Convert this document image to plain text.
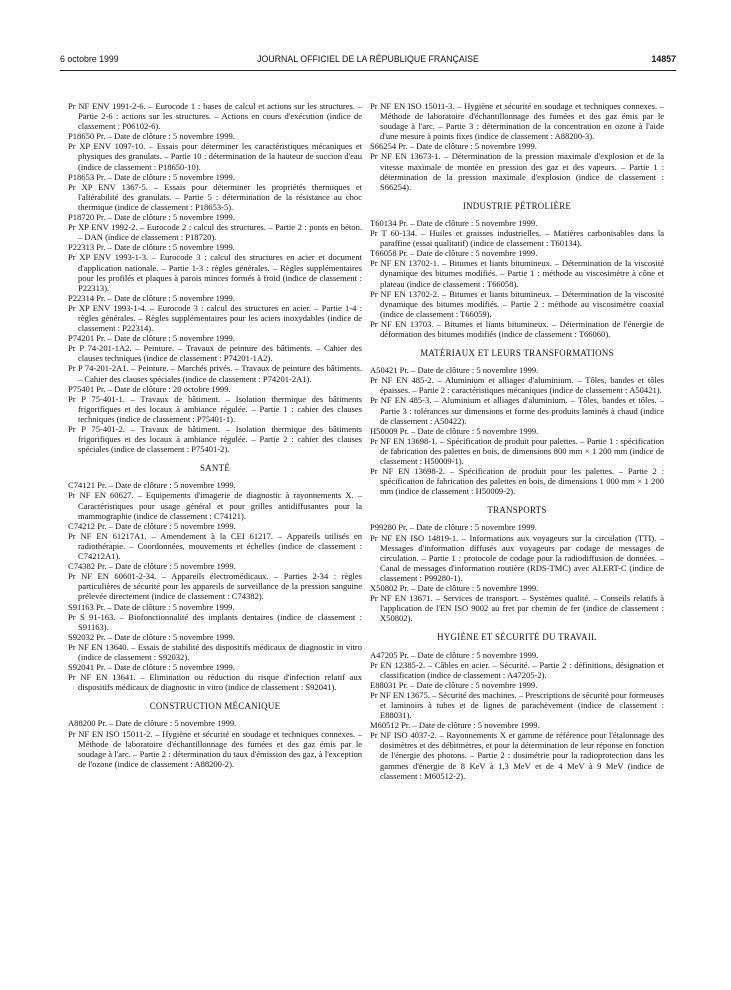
6 octobre 1999	JOURNAL OFFICIEL DE LA RÉPUBLIQUE FRANÇAISE	14857
Pr NF ENV 1991-2-6. – Eurocode 1 : bases de calcul et actions sur les structures. – Partie 2-6 : actions sur les structures. – Actions en cours d'exécution (indice de classement : P06102-6).
P18650 Pr. – Date de clôture : 5 novembre 1999.
Pr XP ENV 1097-10. – Essais pour déterminer les caractéristiques mécaniques et physiques des granulats. – Partie 10 : détermination de la hauteur de succion d'eau (indice de classement : P18650-10).
P18653 Pr. – Date de clôture : 5 novembre 1999.
Pr XP ENV 1367-5. – Essais pour déterminer les propriétés thermiques et l'altérabilité des granulats. – Partie 5 : détermination de la résistance au choc thermique (indice de classement : P18653-5).
P18720 Pr. – Date de clôture : 5 novembre 1999.
Pr XP ENV 1992-2. – Eurocode 2 : calcul des structures. – Partie 2 : ponts en béton. – DAN (indice de classement : P18720).
P22313 Pr. – Date de clôture : 5 novembre 1999.
Pr XP ENV 1993-1-3. – Eurocode 3 : calcul des structures en acier et document d'application nationale. – Partie 1-3 : règles générales. – Règles supplémentaires pour les profilés et plaques à parois minces formés à froid (indice de classement : P22313).
P22314 Pr. – Date de clôture : 5 novembre 1999.
Pr XP ENV 1993-1-4. – Eurocode 3 : calcul des structures en acier. – Partie 1-4 : règles générales. – Règles supplémentaires pour les aciers inoxydables (indice de classement : P22314).
P74201 Pr. – Date de clôture : 5 novembre 1999.
Pr P 74-201-1A2. – Peinture. – Travaux de peinture des bâtiments. – Cahier des clauses techniques (indice de classement : P74201-1A2).
Pr P 74-201-2A1. – Peinture. – Marchés privés. – Travaux de peinture des bâtiments. – Cahier des clauses spéciales (indice de classement : P74201-2A1).
P75401 Pr. – Date de clôture : 20 octobre 1999.
Pr P 75-401-1. – Travaux de bâtiment. – Isolation thermique des bâtiments frigorifiques et des locaux à ambiance régulée. – Partie 1 : cahier des clauses techniques (indice de classement : P75401-1).
Pr P 75-401-2. – Travaux de bâtiment. – Isolation thermique des bâtiments frigorifiques et des locaux à ambiance régulée. – Partie 2 : cahier des clauses spéciales (indice de classement : P75401-2).
SANTÉ
C74121 Pr. – Date de clôture : 5 novembre 1999.
Pr NF EN 60627. – Equipements d'imagerie de diagnostic à rayonnements X. – Caractéristiques pour usage général et pour grilles antidiffusantes pour la mammographie (indice de classement : C74121).
C74212 Pr. – Date de clôture : 5 novembre 1999.
Pr NF EN 61217A1. – Amendement à la CEI 61217. – Appareils utilisés en radiothérapie. – Coordonnées, mouvements et échelles (indice de classement : C74212A1).
C74382 Pr. – Date de clôture : 5 novembre 1999.
Pr NF EN 60601-2-34. – Appareils électromédicaux. – Parties 2-34 : règles particulières de sécurité pour les appareils de surveillance de la pression sanguine prélevée directement (indice de classement : C74382).
S91163 Pr. – Date de clôture : 5 novembre 1999.
Pr S 91-163. – Biofonctionnalité des implants dentaires (indice de classement : S91163).
S92032 Pr. – Date de clôture : 5 novembre 1999.
Pr NF EN 13640. – Essais de stabilité des dispositifs médicaux de diagnostic in vitro (indice de classement : S92032).
S92041 Pr. – Date de clôture : 5 novembre 1999.
Pr NF EN 13641. – Elimination ou réduction du risque d'infection relatif aux dispositifs médicaux de diagnostic in vitro (indice de classement : S92041).
CONSTRUCTION MÉCANIQUE
A88200 Pr. – Date de clôture : 5 novembre 1999.
Pr NF EN ISO 15011-2. – Hygiène et sécurité en soudage et techniques connexes. – Méthode de laboratoire d'échantillonnage des fumées et des gaz émis par le soudage à l'arc. – Partie 2 : détermination du taux d'émission des gaz, à l'exception de l'ozone (indice de classement : A88200-2).
Pr NF EN ISO 15011-3. – Hygiène et sécurité en soudage et techniques connexes. – Méthode de laboratoire d'échantillonnage des fumées et des gaz émis par le soudage à l'arc. – Partie 3 : détermination de la concentration en ozone à l'aide d'une mesure à points fixes (indice de classement : A88200-3).
S66254 Pr. – Date de clôture : 5 novembre 1999.
Pr NF EN 13673-1. – Détermination de la pression maximale d'explosion et de la vitesse maximale de montée en pression des gaz et des vapeurs. – Partie 1 : détermination de la pression maximale d'explosion (indice de classement : S66254).
INDUSTRIE PÉTROLIÈRE
T60134 Pr. – Date de clôture : 5 novembre 1999.
Pr T 60-134. – Huiles et graisses industrielles. – Matières carbonisables dans la paraffine (essai qualitatif) (indice de classement : T60134).
T66058 Pr. – Date de clôture : 5 novembre 1999.
Pr NF EN 13702-1. – Bitumes et liants bitumineux. – Détermination de la viscosité dynamique des bitumes modifiés. – Partie 1 : méthode au viscosimètre à cône et plateau (indice de classement : T66058).
Pr NF EN 13702-2. – Bitumes et liants bitumineux. – Détermination de la viscosité dynamique des bitumes modifiés. – Partie 2 : méthode au viscosimètre coaxial (indice de classement : T66059).
Pr NF EN 13703. – Bitumes et liants bitumineux. – Détermination de l'énergie de déformation des bitumes modifiés (indice de classement : T66060).
MATÉRIAUX ET LEURS TRANSFORMATIONS
A50421 Pr. – Date de clôture : 5 novembre 1999.
Pr NF EN 485-2. – Aluminium et alliages d'aluminium. – Tôles, bandes et tôles épaisses. – Partie 2 : caractéristiques mécaniques (indice de classement : A50421).
Pr NF EN 485-3. – Aluminium et alliages d'aluminium. – Tôles, bandes et tôles. – Partie 3 : tolérances sur dimensions et forme des produits laminés à chaud (indice de classement : A50422).
H50009 Pr. – Date de clôture : 5 novembre 1999.
Pr NF EN 13698-1. – Spécification de produit pour palettes. – Partie 1 : spécification de fabrication des palettes en bois, de dimensions 800 mm × 1 200 mm (indice de classement : H50009-1).
Pr NF EN 13698-2. – Spécification de produit pour les palettes. – Partie 2 : spécification de fabrication des palettes en bois, de dimensions 1 000 mm × 1 200 mm (indice de classement : H50009-2).
TRANSPORTS
P99280 Pr. – Date de clôture : 5 novembre 1999.
Pr NF EN ISO 14819-1. – Informations aux voyageurs sur la circulation (TTI). – Messages d'information diffusés aux voyageurs par codage de messages de circulation. – Partie 1 : protocole de codage pour la radiodiffusion de données. – Canal de messages d'information routière (RDS-TMC) avec ALERT-C (indice de classement : P99280-1).
X50802 Pr. – Date de clôture : 5 novembre 1999.
Pr NF EN 13671. – Services de transport. – Systèmes qualité. – Conseils relatifs à l'application de l'EN ISO 9002 au fret par chemin de fer (indice de classement : X50802).
HYGIÈNE ET SÉCURITÉ DU TRAVAIL
A47205 Pr. – Date de clôture : 5 novembre 1999.
Pr EN 12385-2. – Câbles en acier. – Sécurité. – Partie 2 : définitions, désignation et classification (indice de classement : A47205-2).
E88031 Pr. – Date de clôture : 5 novembre 1999.
Pr NF EN 13675. – Sécurité des machines. – Prescriptions de sécurité pour formeuses et laminoirs à tubes et de lignes de parachèvement (indice de classement : E88031).
M60512 Pr. – Date de clôture : 5 novembre 1999.
Pr NF ISO 4037-2. – Rayonnements X et gamme de référence pour l'étalonnage des dosimètres et des débitmètres, et pour la détermination de leur réponse en fonction de l'énergie des photons. – Partie 2 : dosimétrie pour la radioprotection dans les gammes d'énergie de 8 KeV à 1,3 MeV et de 4 MeV à 9 MeV (indice de classement : M60512-2).
